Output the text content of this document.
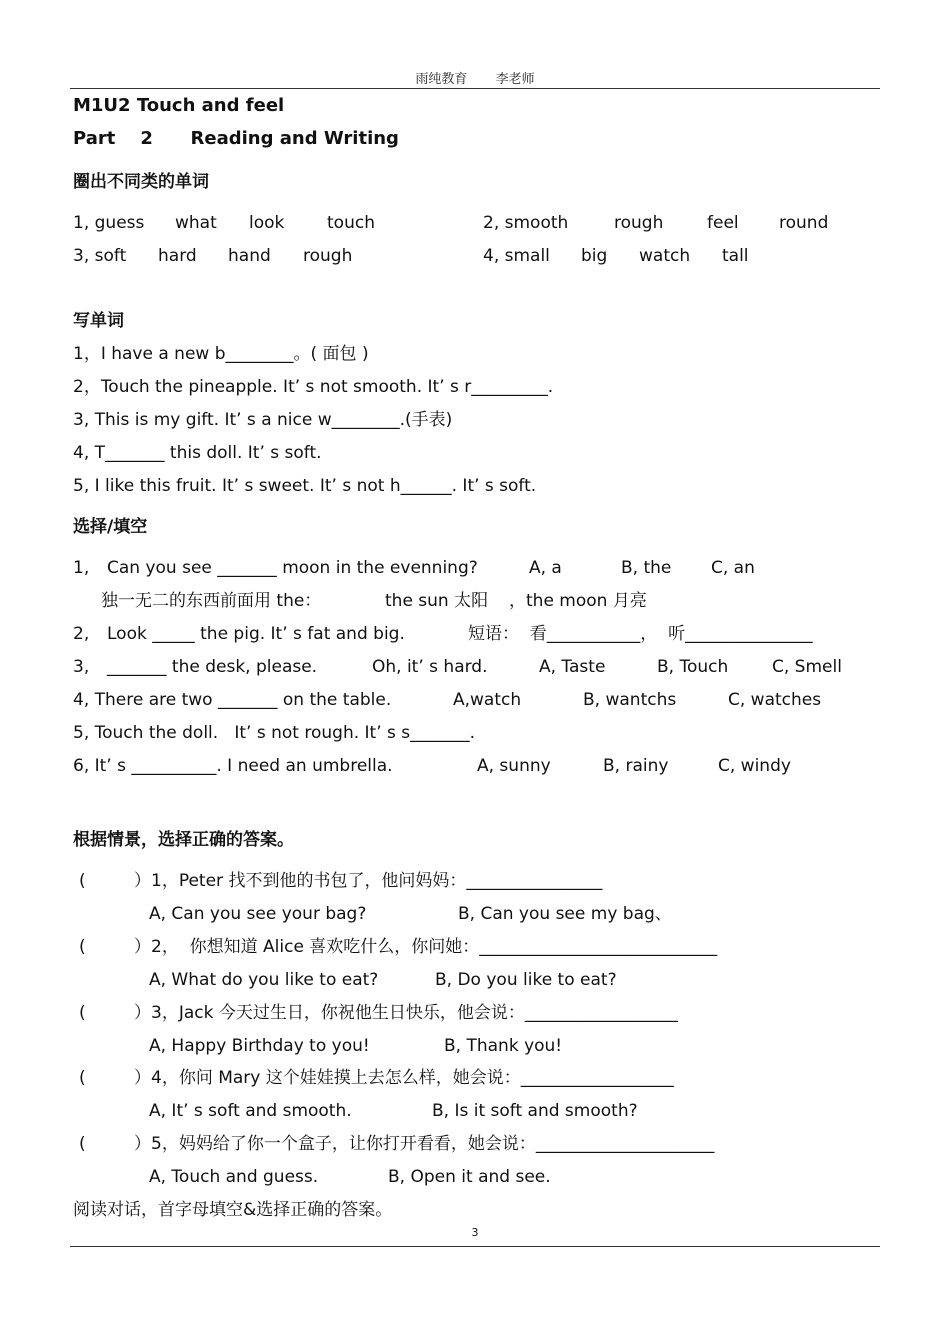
雨纯教育 李老师
M1U2 Touch and feel
Part    2      Reading and Writing
圈出不同类的单词
1, guess what look	touch	2, smooth	rough	feel round
3, soft hard hand rough	4, small big watch tall
写单词
1，I have a new b________。( 面包 )
2，Touch the pineapple. It’ s not smooth. It’ s r_________.
3, This is my gift. It’ s a nice w________.(手表)
4, T_______ this doll. It’ s soft.
5, I like this fruit. It’ s sweet. It’ s not h______. It’ s soft.
选择/填空
1, Can you see _______ moon in the evenning?	A, a	B, the C, an
独一无二的东西前面用 the：	the sun 太阳 ，the moon 月亮
2, Look _____ the pig. It’ s fat and big.	短语：  看___________，  听_______________
3, _______ the desk, please.	Oh, it’ s hard.	A, Taste	B, Touch	C, Smell
4, There are two _______ on the table.	A,watch	B, wantchs	C, watches
5, Touch the doll.   It’ s not rough. It’ s s_______.
6, It’ s __________. I need an umbrella.	A, sunny	B, rainy	C, windy
根据情景，选择正确的答案。
(	）1，Peter 找不到他的书包了，他问妈妈：________________
A, Can you see your bag?	B, Can you see my bag、
(	）2，  你想知道 Alice 喜欢吃什么，你问她：____________________________
A, What do you like to eat?	B, Do you like to eat?
(	）3，Jack 今天过生日，你祝他生日快乐，他会说：__________________
A, Happy Birthday to you!	B, Thank you!
(	）4，你问 Mary 这个娃娃摸上去怎么样，她会说：__________________
A, It’ s soft and smooth.	B, Is it soft and smooth?
(	）5，妈妈给了你一个盒子，让你打开看看，她会说：_____________________
A, Touch and guess.	B, Open it and see.
阅读对话，首字母填空&选择正确的答案。
3
